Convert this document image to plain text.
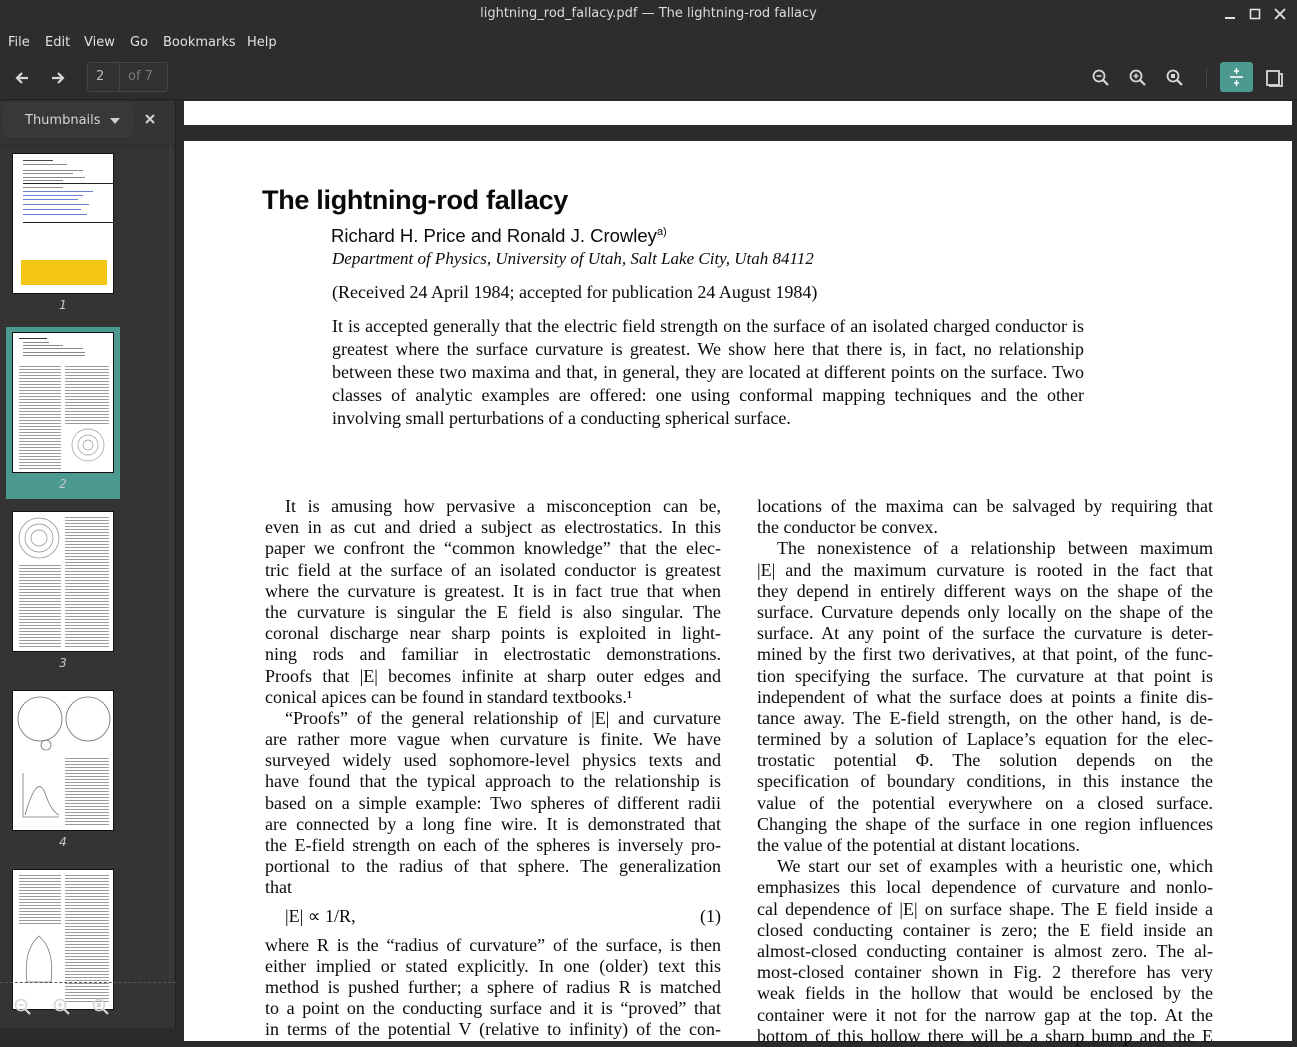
lightning_rod_fallacy.pdf — The lightning-rod fallacy
File Edit View Go Bookmarks Help
2	of 7
Thumbnails
1
2
3
4
The lightning-rod fallacy
Richard H. Price and Ronald J. Crowley$^{a)}$
Department of Physics, University of Utah, Salt Lake City, Utah 84112
(Received 24 April 1984; accepted for publication 24 August 1984)
It is accepted generally that the electric field strength on the surface of an isolated charged conductor is greatest where the surface curvature is greatest. We show here that there is, in fact, no relationship between these two maxima and that, in general, they are located at different points on the surface. Two classes of analytic examples are offered: one using conformal mapping techniques and the other involving small perturbations of a conducting spherical surface.
It is amusing how pervasive a misconception can be,
even in as cut and dried a subject as electrostatics. In this
paper we confront the “common knowledge” that the elec-
tric field at the surface of an isolated conductor is greatest
where the curvature is greatest. It is in fact true that when
the curvature is singular the E field is also singular. The
coronal discharge near sharp points is exploited in light-
ning rods and familiar in electrostatic demonstrations.
Proofs that |E| becomes infinite at sharp outer edges and
conical apices can be found in standard textbooks.¹
“Proofs” of the general relationship of |E| and curvature
are rather more vague when curvature is finite. We have
surveyed widely used sophomore-level physics texts and
have found that the typical approach to the relationship is
based on a simple example: Two spheres of different radii
are connected by a long fine wire. It is demonstrated that
the E-field strength on each of the spheres is inversely pro-
portional to the radius of that sphere. The generalization
that
|E| ∝ 1/R,	(1)
where R is the “radius of curvature” of the surface, is then
either implied or stated explicitly. In one (older) text this
method is pushed further; a sphere of radius R is matched
to a point on the conducting surface and it is “proved” that
in terms of the potential V (relative to infinity) of the con-
locations of the maxima can be salvaged by requiring that
the conductor be convex.
The nonexistence of a relationship between maximum
|E| and the maximum curvature is rooted in the fact that
they depend in entirely different ways on the shape of the
surface. Curvature depends only locally on the shape of the
surface. At any point of the surface the curvature is deter-
mined by the first two derivatives, at that point, of the func-
tion specifying the surface. The curvature at that point is
independent of what the surface does at points a finite dis-
tance away. The E-field strength, on the other hand, is de-
termined by a solution of Laplace’s equation for the elec-
trostatic potential Φ. The solution depends on the
specification of boundary conditions, in this instance the
value of the potential everywhere on a closed surface.
Changing the shape of the surface in one region influences
the value of the potential at distant locations.
We start our set of examples with a heuristic one, which
emphasizes this local dependence of curvature and nonlo-
cal dependence of |E| on surface shape. The E field inside a
closed conducting container is zero; the E field inside an
almost-closed conducting container is almost zero. The al-
most-closed container shown in Fig. 2 therefore has very
weak fields in the hollow that would be enclosed by the
container were it not for the narrow gap at the top. At the
bottom of this hollow there will be a sharp bump and the E
